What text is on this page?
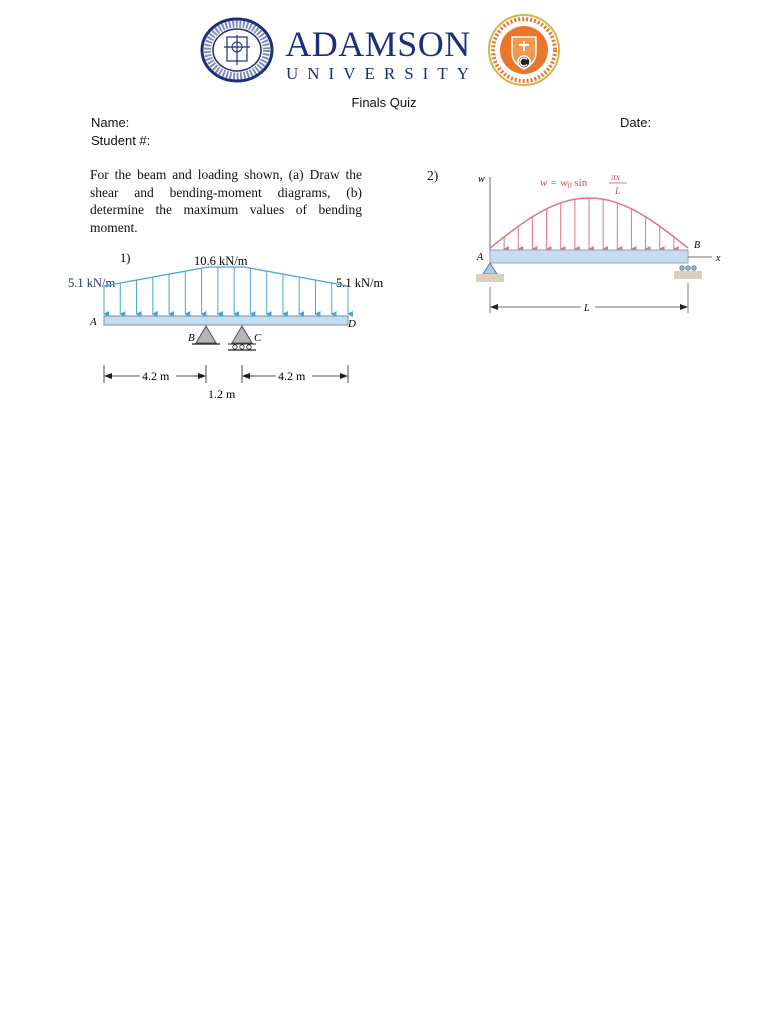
ADAMSON
UNIVERSITY
Finals Quiz
Name:
Student #:
Date:
For the beam and loading shown, (a) Draw the shear and bending-moment diagrams, (b) determine the maximum values of bending moment.
2)
1)	10.6 kN/m
5.1 kN/m	5.1 kN/m
A	D
B	C
4.2 m	4.2 m
1.2 m
w	w = w0 sin	πx
L
A
B
x
L
